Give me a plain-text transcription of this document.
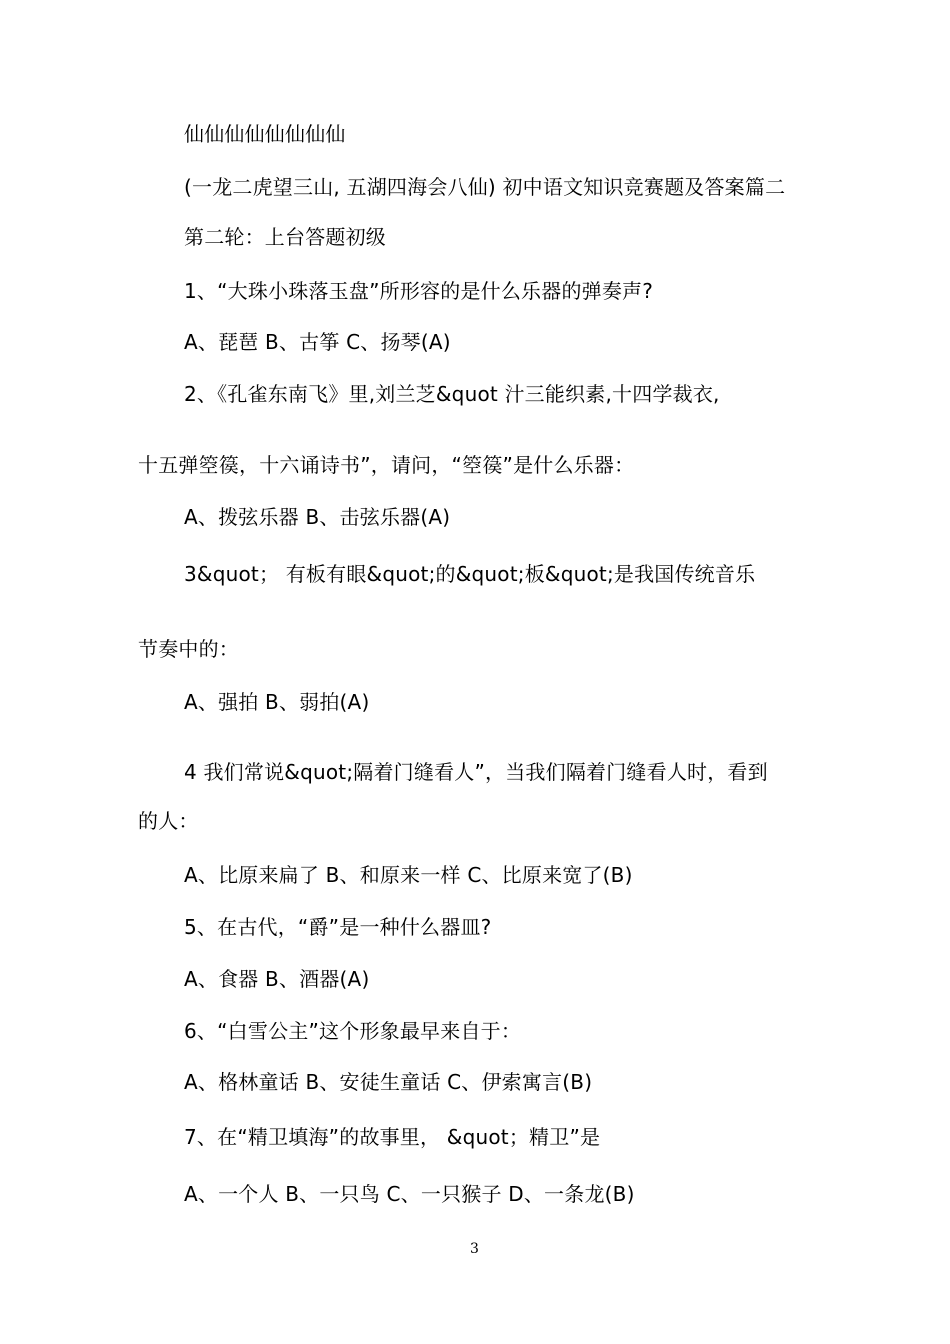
仙仙仙仙仙仙仙仙
(一龙二虎望三山, 五湖四海会八仙) 初中语文知识竞赛题及答案篇二
第二轮：上台答题初级
1、“大珠小珠落玉盘”所形容的是什么乐器的弹奏声?
A、琵琶 B、古筝 C、扬琴(A)
2、《孔雀东南飞》里,刘兰芝&quot 汁三能织素,十四学裁衣,
十五弹箜篌，十六诵诗书”，请问，“箜篌”是什么乐器：
A、拨弦乐器 B、击弦乐器(A)
3&quot； 有板有眼&quot;的&quot;板&quot;是我国传统音乐
节奏中的：
A、强拍 B、弱拍(A)
4 我们常说&quot;隔着门缝看人”，当我们隔着门缝看人时，看到
的人：
A、比原来扁了 B、和原来一样 C、比原来宽了(B)
5、在古代，“爵”是一种什么器皿?
A、食器 B、酒器(A)
6、“白雪公主”这个形象最早来自于：
A、格林童话 B、安徒生童话 C、伊索寓言(B)
7、在“精卫填海”的故事里， &quot；精卫”是
A、一个人 B、一只鸟 C、一只猴子 D、一条龙(B)
3
